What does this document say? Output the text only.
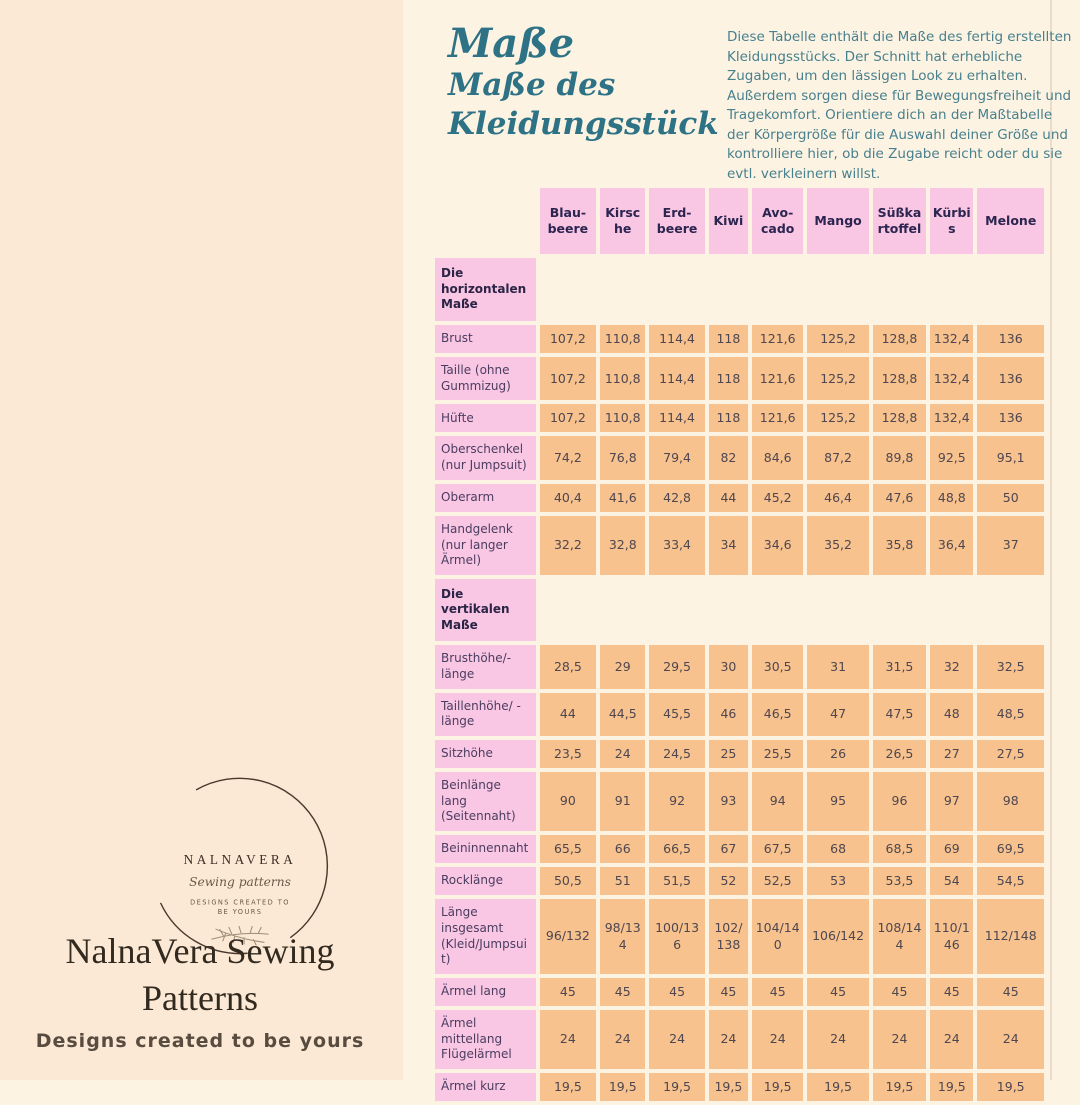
Maße
Maße des Kleidungsstück
Diese Tabelle enthält die Maße des fertig erstellten Kleidungsstücks. Der Schnitt hat erhebliche Zugaben, um den lässigen Look zu erhalten. Außerdem sorgen diese für Bewegungsfreiheit und Tragekomfort. Orientiere dich an der Maßtabelle der Körpergröße für die Auswahl deiner Größe und kontrolliere hier, ob die Zugabe reicht oder du sie evtl. verkleinern willst.
	Blau-beere	Kirsche	Erd-beere	Kiwi	Avo-cado	Mango	Süßkartoffel	Kürbis	Melone
Die horizontalen Maße									
Brust	107,2	110,8	114,4	118	121,6	125,2	128,8	132,4	136
Taille (ohne Gummizug)	107,2	110,8	114,4	118	121,6	125,2	128,8	132,4	136
Hüfte	107,2	110,8	114,4	118	121,6	125,2	128,8	132,4	136
Oberschenkel (nur Jumpsuit)	74,2	76,8	79,4	82	84,6	87,2	89,8	92,5	95,1
Oberarm	40,4	41,6	42,8	44	45,2	46,4	47,6	48,8	50
Handgelenk (nur langer Ärmel)	32,2	32,8	33,4	34	34,6	35,2	35,8	36,4	37
Die vertikalen Maße									
Brusthöhe/-länge	28,5	29	29,5	30	30,5	31	31,5	32	32,5
Taillenhöhe/ -länge	44	44,5	45,5	46	46,5	47	47,5	48	48,5
Sitzhöhe	23,5	24	24,5	25	25,5	26	26,5	27	27,5
Beinlänge lang (Seitennaht)	90	91	92	93	94	95	96	97	98
Beininnennaht	65,5	66	66,5	67	67,5	68	68,5	69	69,5
Rocklänge	50,5	51	51,5	52	52,5	53	53,5	54	54,5
Länge insgesamt (Kleid/Jumpsuit)	96/132	98/134	100/136	102/138	104/140	106/142	108/144	110/146	112/148
Ärmel lang	45	45	45	45	45	45	45	45	45
Ärmel mittellang Flügelärmel	24	24	24	24	24	24	24	24	24
Ärmel kurz	19,5	19,5	19,5	19,5	19,5	19,5	19,5	19,5	19,5
NALNAVERA
Sewing patterns
DESIGNS CREATED TO
BE YOURS
NalnaVera Sewing Patterns
Designs created to be yours
